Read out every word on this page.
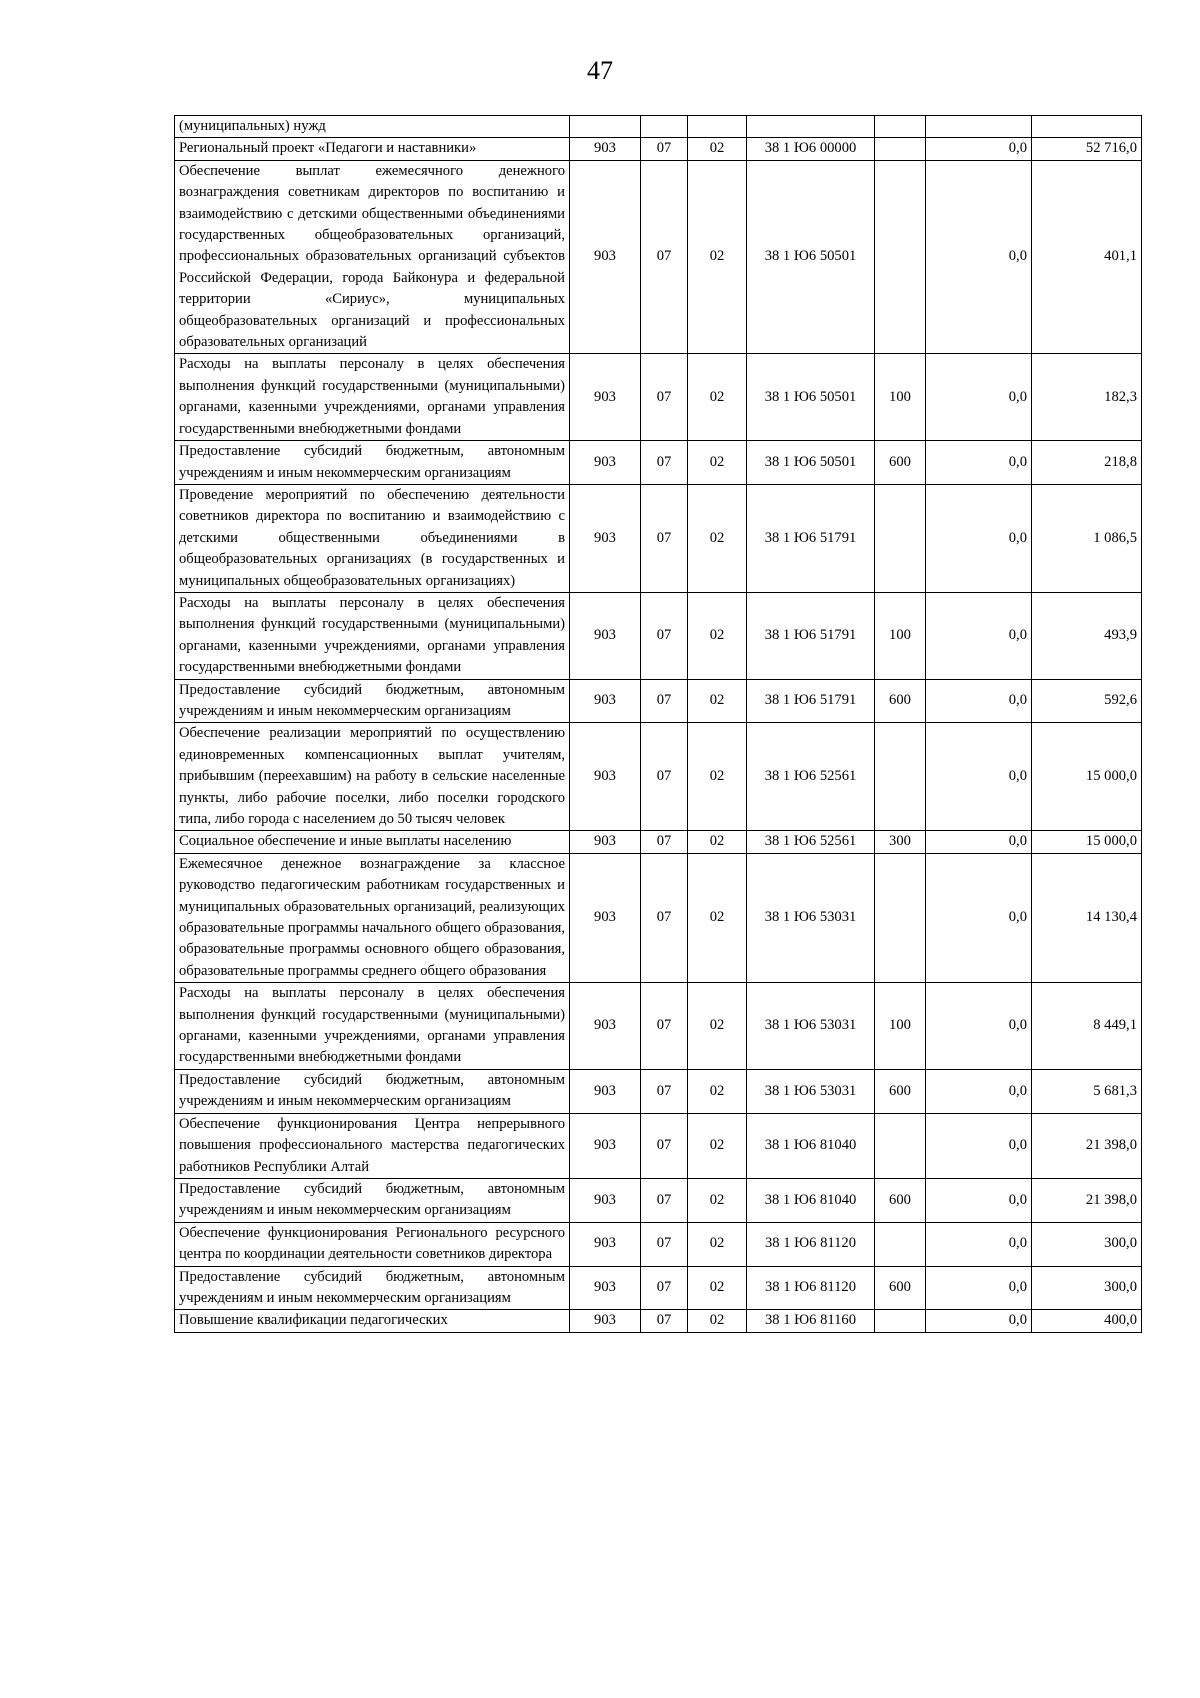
47
(муниципальных) нужд							
Региональный проект «Педагоги и наставники»	903	07	02	38 1 Ю6 00000		0,0	52 716,0
Обеспечение выплат ежемесячного денежного вознаграждения советникам директоров по воспитанию и взаимодействию с детскими общественными объединениями государственных общеобразовательных организаций, профессиональных образовательных организаций субъектов Российской Федерации, города Байконура и федеральной территории «Сириус», муниципальных общеобразовательных организаций и профессиональных образовательных организаций	903	07	02	38 1 Ю6 50501		0,0	401,1
Расходы на выплаты персоналу в целях обеспечения выполнения функций государственными (муниципальными) органами, казенными учреждениями, органами управления государственными внебюджетными фондами	903	07	02	38 1 Ю6 50501	100	0,0	182,3
Предоставление субсидий бюджетным, автономным учреждениям и иным некоммерческим организациям	903	07	02	38 1 Ю6 50501	600	0,0	218,8
Проведение мероприятий по обеспечению деятельности советников директора по воспитанию и взаимодействию с детскими общественными объединениями в общеобразовательных организациях (в государственных и муниципальных общеобразовательных организациях)	903	07	02	38 1 Ю6 51791		0,0	1 086,5
Расходы на выплаты персоналу в целях обеспечения выполнения функций государственными (муниципальными) органами, казенными учреждениями, органами управления государственными внебюджетными фондами	903	07	02	38 1 Ю6 51791	100	0,0	493,9
Предоставление субсидий бюджетным, автономным учреждениям и иным некоммерческим организациям	903	07	02	38 1 Ю6 51791	600	0,0	592,6
Обеспечение реализации мероприятий по осуществлению единовременных компенсационных выплат учителям, прибывшим (переехавшим) на работу в сельские населенные пункты, либо рабочие поселки, либо поселки городского типа, либо города с населением до 50 тысяч человек	903	07	02	38 1 Ю6 52561		0,0	15 000,0
Социальное обеспечение и иные выплаты населению	903	07	02	38 1 Ю6 52561	300	0,0	15 000,0
Ежемесячное денежное вознаграждение за классное руководство педагогическим работникам государственных и муниципальных образовательных организаций, реализующих образовательные программы начального общего образования, образовательные программы основного общего образования, образовательные программы среднего общего образования	903	07	02	38 1 Ю6 53031		0,0	14 130,4
Расходы на выплаты персоналу в целях обеспечения выполнения функций государственными (муниципальными) органами, казенными учреждениями, органами управления государственными внебюджетными фондами	903	07	02	38 1 Ю6 53031	100	0,0	8 449,1
Предоставление субсидий бюджетным, автономным учреждениям и иным некоммерческим организациям	903	07	02	38 1 Ю6 53031	600	0,0	5 681,3
Обеспечение функционирования Центра непрерывного повышения профессионального мастерства педагогических работников Республики Алтай	903	07	02	38 1 Ю6 81040		0,0	21 398,0
Предоставление субсидий бюджетным, автономным учреждениям и иным некоммерческим организациям	903	07	02	38 1 Ю6 81040	600	0,0	21 398,0
Обеспечение функционирования Регионального ресурсного центра по координации деятельности советников директора	903	07	02	38 1 Ю6 81120		0,0	300,0
Предоставление субсидий бюджетным, автономным учреждениям и иным некоммерческим организациям	903	07	02	38 1 Ю6 81120	600	0,0	300,0
Повышение квалификации педагогических	903	07	02	38 1 Ю6 81160		0,0	400,0
